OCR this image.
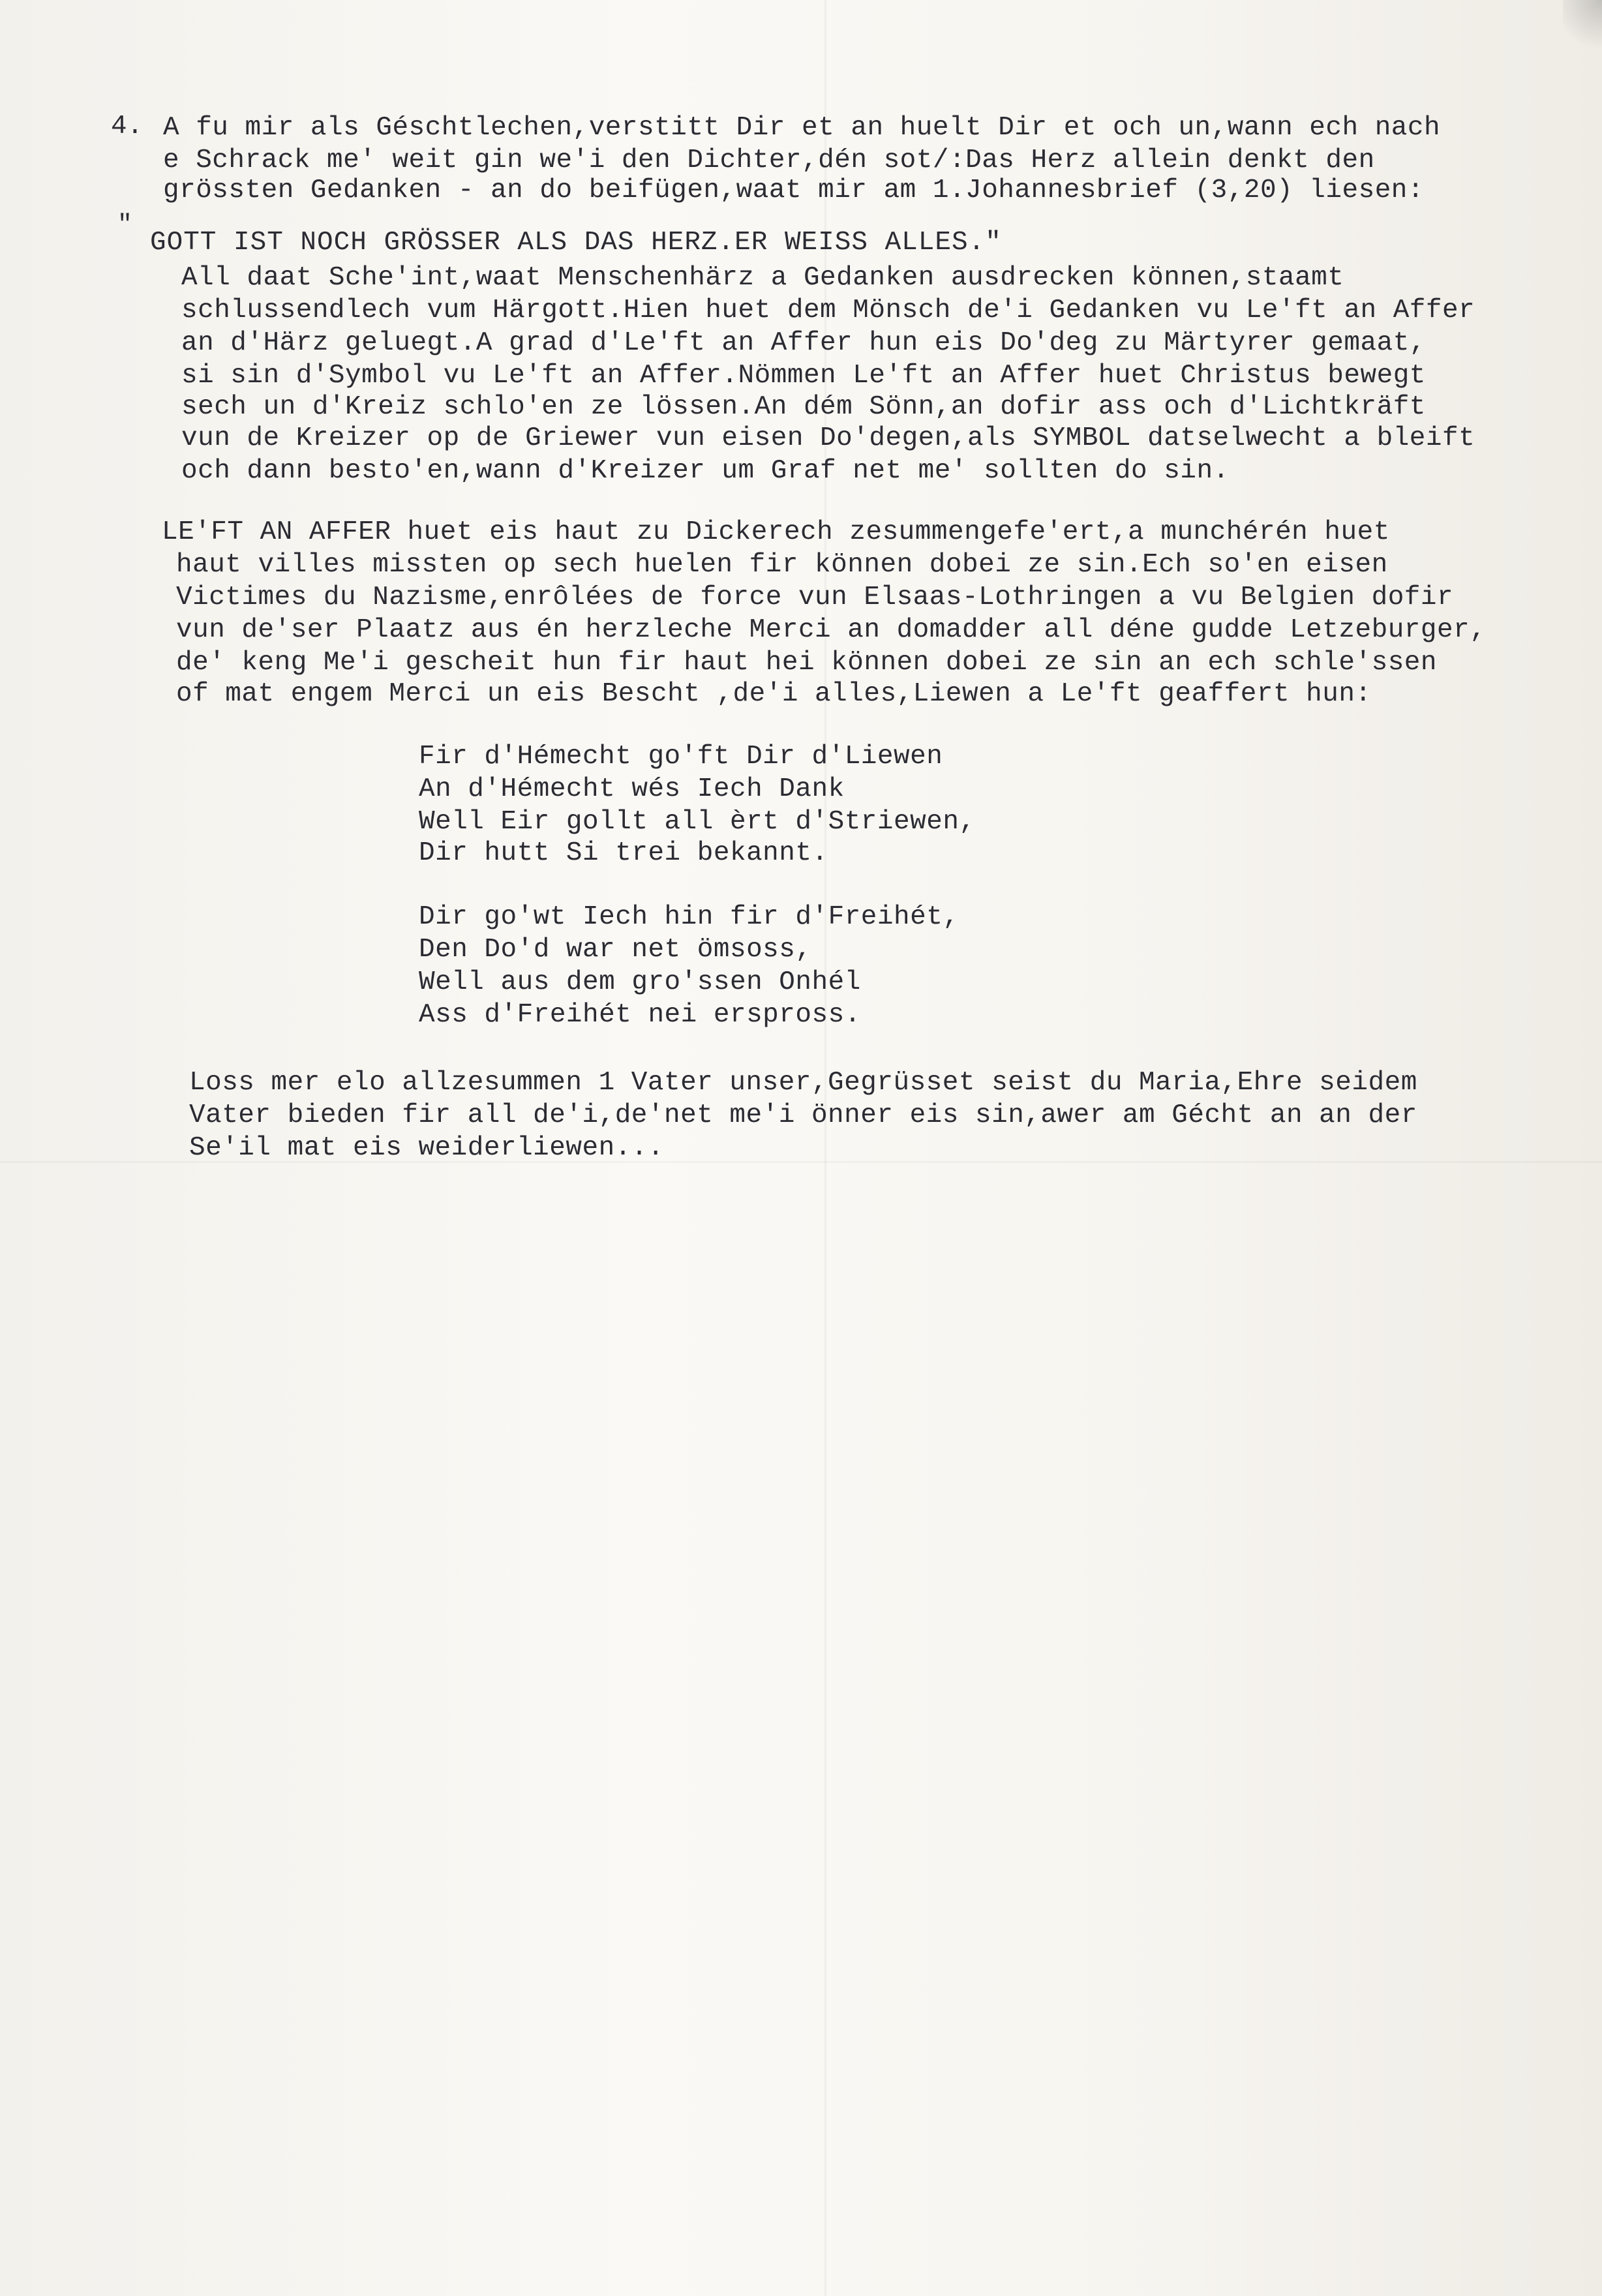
4. A fu mir als Géschtlechen,verstitt Dir et an huelt Dir et och un,wann ech nach
e Schrack me' weit gin we'i den Dichter,dén sot/:Das Herz allein denkt den
grössten Gedanken - an do beifügen,waat mir am 1.Johannesbrief (3,20) liesen:
"
GOTT IST NOCH GRÖSSER ALS DAS HERZ.ER WEISS ALLES."
All daat Sche'int,waat Menschenhärz a Gedanken ausdrecken können,staamt
schlussendlech vum Härgott.Hien huet dem Mönsch de'i Gedanken vu Le'ft an Affer
an d'Härz geluegt.A grad d'Le'ft an Affer hun eis Do'deg zu Märtyrer gemaat,
si sin d'Symbol vu Le'ft an Affer.Nömmen Le'ft an Affer huet Christus bewegt
sech un d'Kreiz schlo'en ze lössen.An dém Sönn,an dofir ass och d'Lichtkräft
vun de Kreizer op de Griewer vun eisen Do'degen,als SYMBOL datselwecht a bleift
och dann besto'en,wann d'Kreizer um Graf net me' sollten do sin.
LE'FT AN AFFER huet eis haut zu Dickerech zesummengefe'ert,a munchérén huet
haut villes missten op sech huelen fir können dobei ze sin.Ech so'en eisen
Victimes du Nazisme,enrôlées de force vun Elsaas-Lothringen a vu Belgien dofir
vun de'ser Plaatz aus én herzleche Merci an domadder all déne gudde Letzeburger,
de' keng Me'i gescheit hun fir haut hei können dobei ze sin an ech schle'ssen
of mat engem Merci un eis Bescht ,de'i alles,Liewen a Le'ft geaffert hun:
Fir d'Hémecht go'ft Dir d'Liewen
An d'Hémecht wés Iech Dank
Well Eir gollt all èrt d'Striewen,
Dir hutt Si trei bekannt.
Dir go'wt Iech hin fir d'Freihét,
Den Do'd war net ömsoss,
Well aus dem gro'ssen Onhél
Ass d'Freihét nei erspross.
Loss mer elo allzesummen 1 Vater unser,Gegrüsset seist du Maria,Ehre seidem
Vater bieden fir all de'i,de'net me'i önner eis sin,awer am Gécht an an der
Se'il mat eis weiderliewen...
